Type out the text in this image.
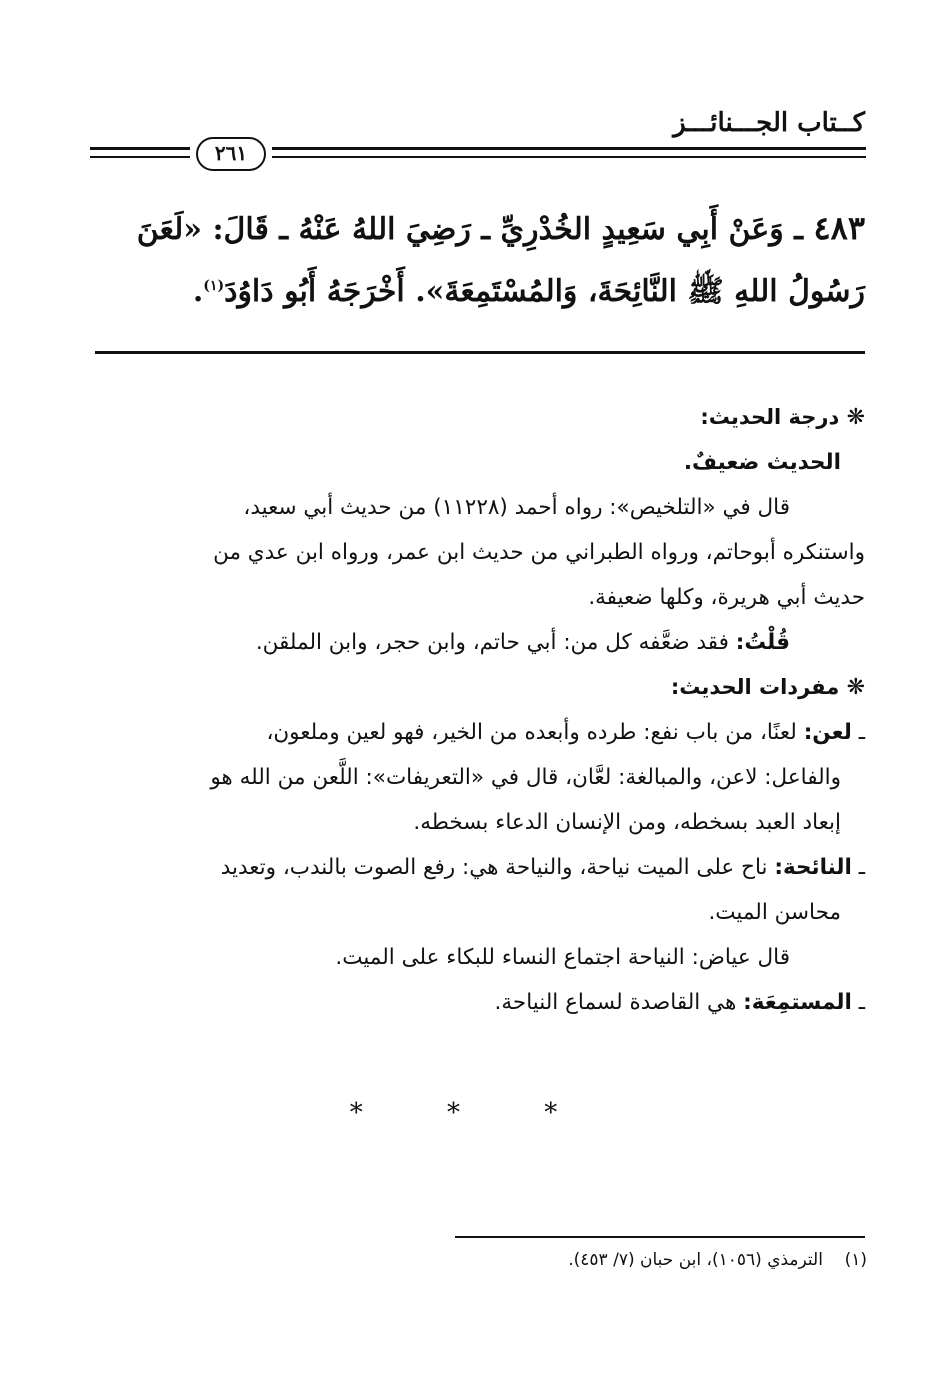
كــتاب الجـــنائـــز
٢٦١
٤٨٣ ـ وَعَنْ أَبِي سَعِيدٍ الخُدْرِيِّ ـ رَضِيَ اللهُ عَنْهُ ـ قَالَ: «لَعَنَ
رَسُولُ اللهِ ﷺ النَّائِحَةَ، وَالمُسْتَمِعَةَ». أَخْرَجَهُ أَبُو دَاوُدَ$^{(١)}$.
❋ درجة الحديث:
الحديث ضعيفٌ.
قال في «التلخيص»: رواه أحمد (١١٢٢٨) من حديث أبي سعيد،
واستنكره أبوحاتم، ورواه الطبراني من حديث ابن عمر، ورواه ابن عدي من
حديث أبي هريرة، وكلها ضعيفة.
قُلْتُ: فقد ضعَّفه كل من: أبي حاتم، وابن حجر، وابن الملقن.
❋ مفردات الحديث:
ـ لعن: لعنًا، من باب نفع: طرده وأبعده من الخير، فهو لعين وملعون،
والفاعل: لاعن، والمبالغة: لعَّان، قال في «التعريفات»: اللَّعن من الله هو
إبعاد العبد بسخطه، ومن الإنسان الدعاء بسخطه.
ـ النائحة: ناح على الميت نياحة، والنياحة هي: رفع الصوت بالندب، وتعديد
محاسن الميت.
قال عياض: النياحة اجتماع النساء للبكاء على الميت.
ـ المستمِعَة: هي القاصدة لسماع النياحة.
* * *
(١)    الترمذي (١٠٥٦)، ابن حبان (٧/ ٤٥٣).
